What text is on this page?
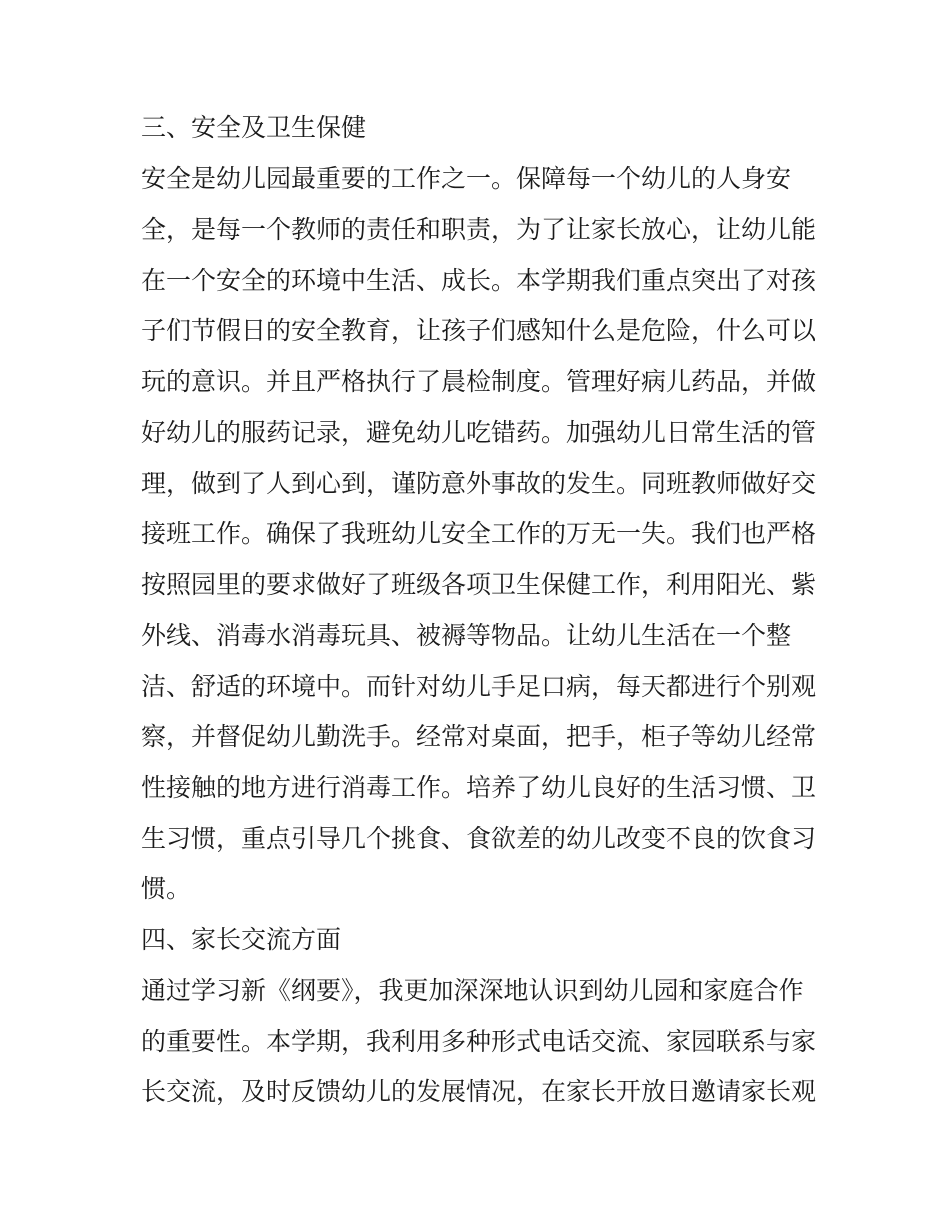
三、安全及卫生保健
安全是幼儿园最重要的工作之一。保障每一个幼儿的人身安
全，是每一个教师的责任和职责，为了让家长放心，让幼儿能
在一个安全的环境中生活、成长。本学期我们重点突出了对孩
子们节假日的安全教育，让孩子们感知什么是危险，什么可以
玩的意识。并且严格执行了晨检制度。管理好病儿药品，并做
好幼儿的服药记录，避免幼儿吃错药。加强幼儿日常生活的管
理，做到了人到心到，谨防意外事故的发生。同班教师做好交
接班工作。确保了我班幼儿安全工作的万无一失。我们也严格
按照园里的要求做好了班级各项卫生保健工作，利用阳光、紫
外线、消毒水消毒玩具、被褥等物品。让幼儿生活在一个整
洁、舒适的环境中。而针对幼儿手足口病，每天都进行个别观
察，并督促幼儿勤洗手。经常对桌面，把手，柜子等幼儿经常
性接触的地方进行消毒工作。培养了幼儿良好的生活习惯、卫
生习惯，重点引导几个挑食、食欲差的幼儿改变不良的饮食习
惯。
四、家长交流方面
通过学习新《纲要》，我更加深深地认识到幼儿园和家庭合作
的重要性。本学期，我利用多种形式电话交流、家园联系与家
长交流，及时反馈幼儿的发展情况，在家长开放日邀请家长观
